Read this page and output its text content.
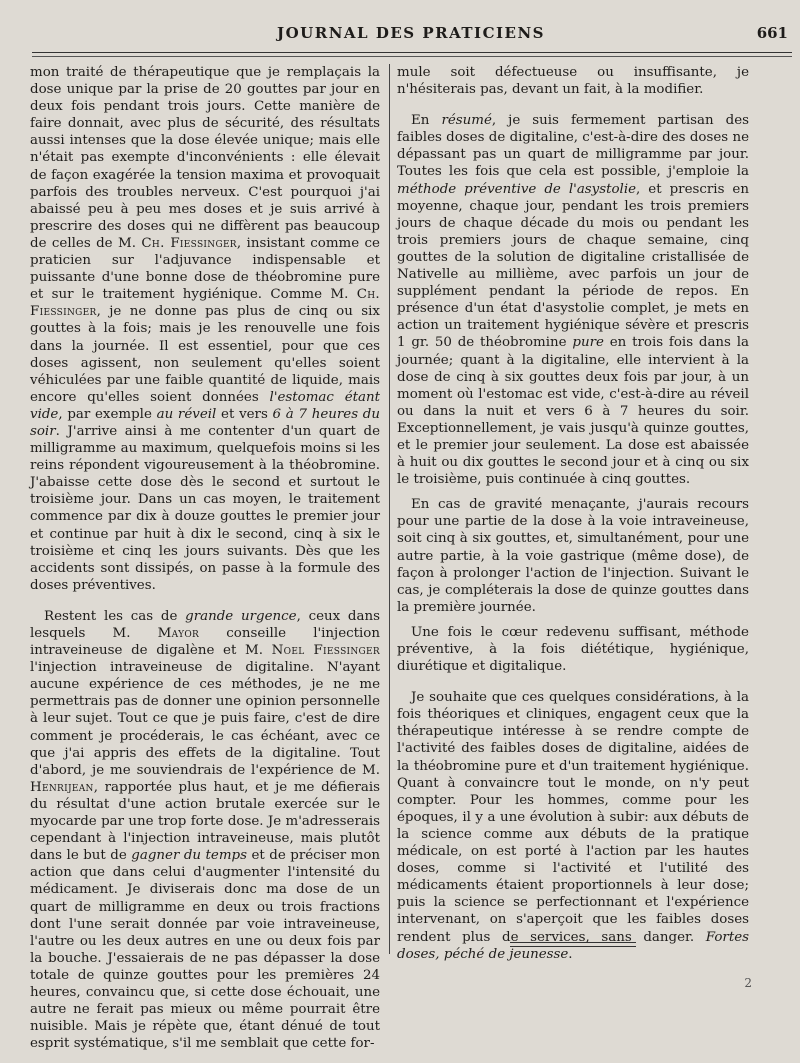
JOURNAL DES PRATICIENS	661

mon traité de thérapeutique que je remplaçais la dose unique par la prise de 20 gouttes par jour en deux fois pendant trois jours. Cette manière de faire donnait, avec plus de sécurité, des résultats aussi intenses que la dose élevée unique; mais elle n'était pas exempte d'inconvénients : elle élevait de façon exagérée la tension maxima et provoquait parfois des troubles nerveux. C'est pourquoi j'ai abaissé peu à peu mes doses et je suis arrivé à prescrire des doses qui ne diffèrent pas beaucoup de celles de M. Ch. Fiessinger, insistant comme ce praticien sur l'adjuvance indispensable et puissante d'une bonne dose de théobromine pure et sur le traitement hygiénique. Comme M. Ch. Fiessinger, je ne donne pas plus de cinq ou six gouttes à la fois; mais je les renouvelle une fois dans la journée. Il est essentiel, pour que ces doses agissent, non seulement qu'elles soient véhiculées par une faible quantité de liquide, mais encore qu'elles soient données l'estomac étant vide, par exemple au réveil et vers 6 à 7 heures du soir. J'arrive ainsi à me contenter d'un quart de milligramme au maximum, quelquefois moins si les reins répondent vigoureusement à la théobromine. J'abaisse cette dose dès le second et surtout le troisième jour. Dans un cas moyen, le traitement commence par dix à douze gouttes le premier jour et continue par huit à dix le second, cinq à six le troisième et cinq les jours suivants. Dès que les accidents sont dissipés, on passe à la formule des doses préventives.

Restent les cas de grande urgence, ceux dans lesquels M. Mayor conseille l'injection intraveineuse de digalène et M. Noel Fiessinger l'injection intraveineuse de digitaline. N'ayant aucune expérience de ces méthodes, je ne me permettrais pas de donner une opinion personnelle à leur sujet. Tout ce que je puis faire, c'est de dire comment je procéderais, le cas échéant, avec ce que j'ai appris des effets de la digitaline. Tout d'abord, je me souviendrais de l'expérience de M. Henrijean, rapportée plus haut, et je me défierais du résultat d'une action brutale exercée sur le myocarde par une trop forte dose. Je m'adresserais cependant à l'injection intraveineuse, mais plutôt dans le but de gagner du temps et de préciser mon action que dans celui d'augmenter l'intensité du médicament. Je diviserais donc ma dose de un quart de milligramme en deux ou trois fractions dont l'une serait donnée par voie intraveineuse, l'autre ou les deux autres en une ou deux fois par la bouche. J'essaierais de ne pas dépasser la dose totale de quinze gouttes pour les premières 24 heures, convaincu que, si cette dose échouait, une autre ne ferait pas mieux ou même pourrait être nuisible. Mais je répète que, étant dénué de tout esprit systématique, s'il me semblait que cette for-

mule soit défectueuse ou insuffisante, je n'hésiterais pas, devant un fait, à la modifier.

En résumé, je suis fermement partisan des faibles doses de digitaline, c'est-à-dire des doses ne dépassant pas un quart de milligramme par jour. Toutes les fois que cela est possible, j'emploie la méthode préventive de l'asystolie, et prescris en moyenne, chaque jour, pendant les trois premiers jours de chaque décade du mois ou pendant les trois premiers jours de chaque semaine, cinq gouttes de la solution de digitaline cristallisée de Nativelle au millième, avec parfois un jour de supplément pendant la période de repos. En présence d'un état d'asystolie complet, je mets en action un traitement hygiénique sévère et prescris 1 gr. 50 de théobromine pure en trois fois dans la journée; quant à la digitaline, elle intervient à la dose de cinq à six gouttes deux fois par jour, à un moment où l'estomac est vide, c'est-à-dire au réveil ou dans la nuit et vers 6 à 7 heures du soir. Exceptionnellement, je vais jusqu'à quinze gouttes, et le premier jour seulement. La dose est abaissée à huit ou dix gouttes le second jour et à cinq ou six le troisième, puis continuée à cinq gouttes.

En cas de gravité menaçante, j'aurais recours pour une partie de la dose à la voie intraveineuse, soit cinq à six gouttes, et, simultanément, pour une autre partie, à la voie gastrique (même dose), de façon à prolonger l'action de l'injection. Suivant le cas, je compléterais la dose de quinze gouttes dans la première journée.

Une fois le cœur redevenu suffisant, méthode préventive, à la fois diététique, hygiénique, diurétique et digitalique.

Je souhaite que ces quelques considérations, à la fois théoriques et cliniques, engagent ceux que la thérapeutique intéresse à se rendre compte de l'activité des faibles doses de digitaline, aidées de la théobromine pure et d'un traitement hygiénique. Quant à convaincre tout le monde, on n'y peut compter. Pour les hommes, comme pour les époques, il y a une évolution à subir: aux débuts de la science comme aux débuts de la pratique médicale, on est porté à l'action par les hautes doses, comme si l'activité et l'utilité des médicaments étaient proportionnels à leur dose; puis la science se perfectionnant et l'expérience intervenant, on s'aperçoit que les faibles doses rendent plus de services, sans danger. Fortes doses, péché de jeunesse.

2
